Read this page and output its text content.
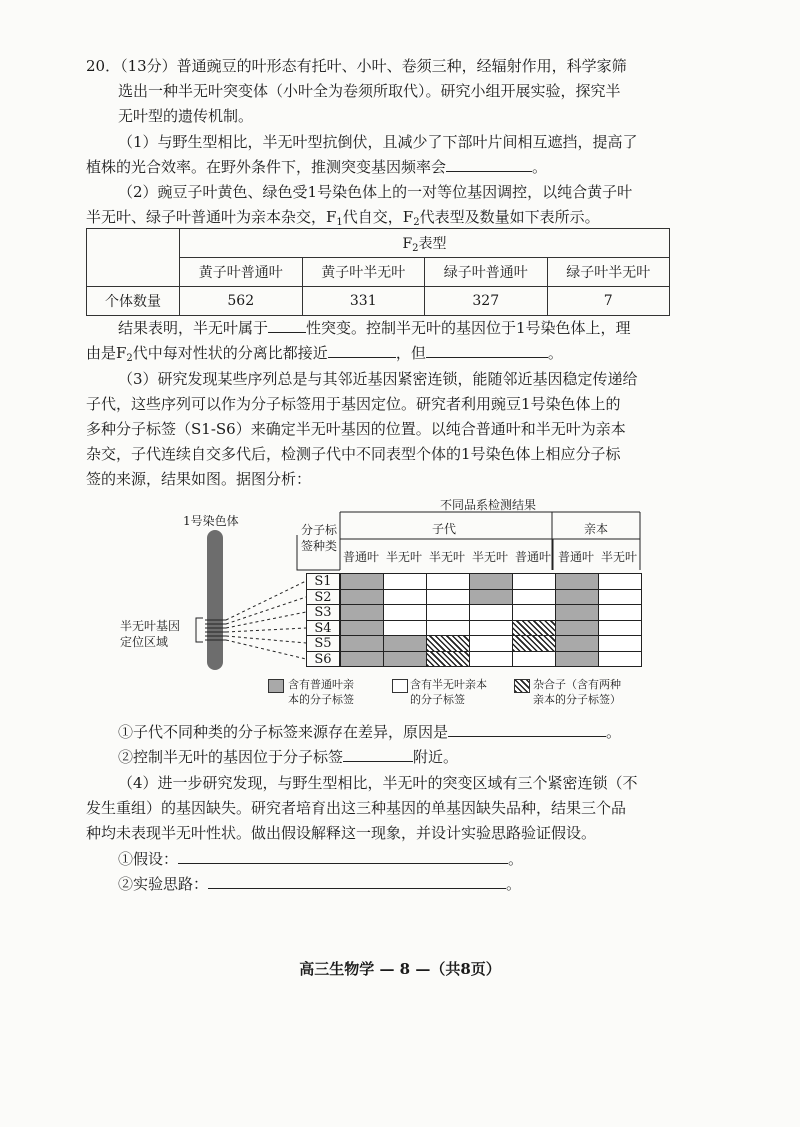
20．（13分）普通豌豆的叶形态有托叶、小叶、卷须三种，经辐射作用，科学家筛
选出一种半无叶突变体（小叶全为卷须所取代）。研究小组开展实验，探究半
无叶型的遗传机制。
（1）与野生型相比，半无叶型抗倒伏，且减少了下部叶片间相互遮挡，提高了
植株的光合效率。在野外条件下，推测突变基因频率会	。
（2）豌豆子叶黄色、绿色受1号染色体上的一对等位基因调控，以纯合黄子叶
半无叶、绿子叶普通叶为亲本杂交，$F_1$代自交，$F_2$代表型及数量如下表所示。
	$F_2$表型			
	黄子叶普通叶	黄子叶半无叶	绿子叶普通叶	绿子叶半无叶
个体数量	562	331	327	7
结果表明，半无叶属于	性突变。控制半无叶的基因位于1号染色体上，理
由是$F_2$代中每对性状的分离比都接近	，但	。
（3）研究发现某些序列总是与其邻近基因紧密连锁，能随邻近基因稳定传递给
子代，这些序列可以作为分子标签用于基因定位。研究者利用豌豆1号染色体上的
多种分子标签（S1-S6）来确定半无叶基因的位置。以纯合普通叶和半无叶为亲本
杂交，子代连续自交多代后，检测子代中不同表型个体的1号染色体上相应分子标
签的来源，结果如图。据图分析：
1号染色体
半无叶基因
定位区域
不同品系检测结果
分子标
签种类
子代	亲本
普通叶 半无叶 半无叶 半无叶 普通叶 普通叶 半无叶
S1
S2
S3
S4
S5
S6
含有普通叶亲
本的分子标签
含有半无叶亲本
的分子标签
杂合子（含有两种
亲本的分子标签）
①子代不同种类的分子标签来源存在差异，原因是	。
②控制半无叶的基因位于分子标签	附近。
（4）进一步研究发现，与野生型相比，半无叶的突变区域有三个紧密连锁（不
发生重组）的基因缺失。研究者培育出这三种基因的单基因缺失品种，结果三个品
种均未表现半无叶性状。做出假设解释这一现象，并设计实验思路验证假设。
①假设：	。
②实验思路：	。
高三生物学 — 8 —（共8页）
